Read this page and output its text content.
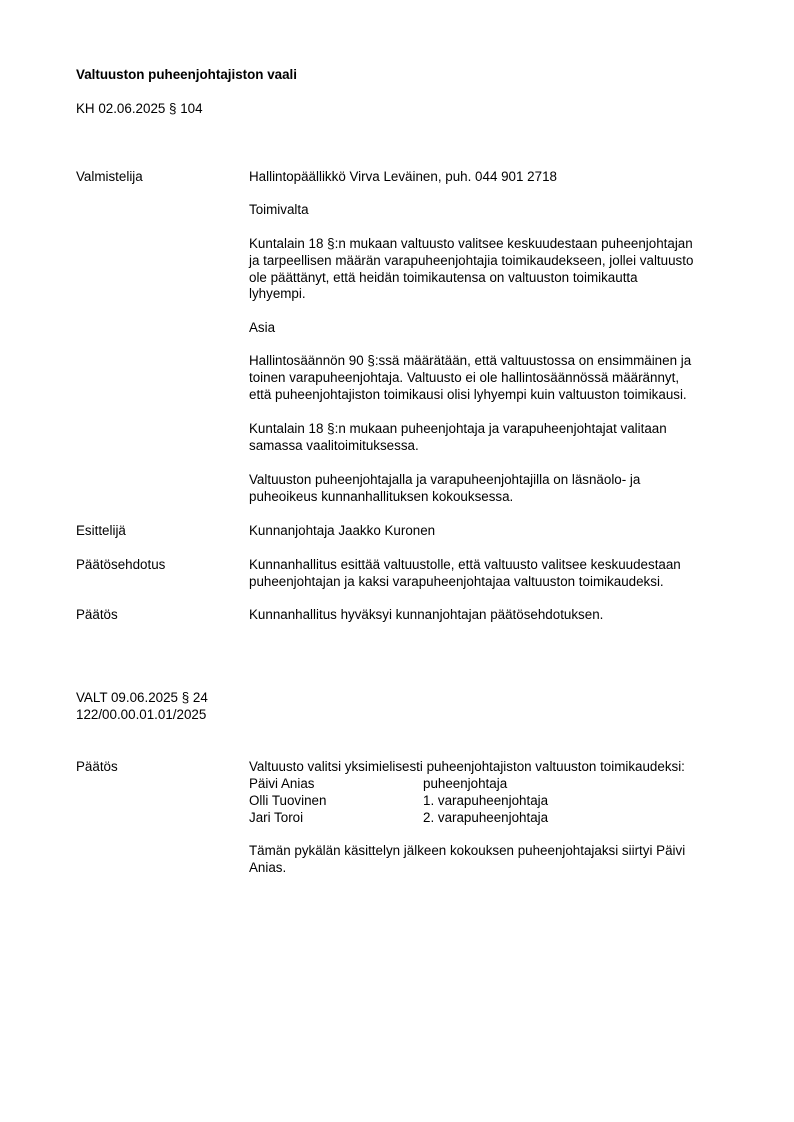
Valtuuston puheenjohtajiston vaali
KH 02.06.2025 § 104
Valmistelija	Hallintopäällikkö Virva Leväinen, puh. 044 901 2718
Toimivalta
Kuntalain 18 §:n mukaan valtuusto valitsee keskuudestaan puheenjohtajan
ja tarpeellisen määrän varapuheenjohtajia toimikaudekseen, jollei valtuusto
ole päättänyt, että heidän toimikautensa on valtuuston toimikautta
lyhyempi.
Asia
Hallintosäännön 90 §:ssä määrätään, että valtuustossa on ensimmäinen ja
toinen varapuheenjohtaja. Valtuusto ei ole hallintosäännössä määrännyt,
että puheenjohtajiston toimikausi olisi lyhyempi kuin valtuuston toimikausi.
Kuntalain 18 §:n mukaan puheenjohtaja ja varapuheenjohtajat valitaan
samassa vaalitoimituksessa.
Valtuuston puheenjohtajalla ja varapuheenjohtajilla on läsnäolo- ja
puheoikeus kunnanhallituksen kokouksessa.
Esittelijä	Kunnanjohtaja Jaakko Kuronen
Päätösehdotus	Kunnanhallitus esittää valtuustolle, että valtuusto valitsee keskuudestaan
puheenjohtajan ja kaksi varapuheenjohtajaa valtuuston toimikaudeksi.
Päätös	Kunnanhallitus hyväksyi kunnanjohtajan päätösehdotuksen.
VALT 09.06.2025 § 24
122/00.00.01.01/2025
Päätös	Valtuusto valitsi yksimielisesti puheenjohtajiston valtuuston toimikaudeksi:
Päivi Anias	puheenjohtaja
Olli Tuovinen	1. varapuheenjohtaja
Jari Toroi	2. varapuheenjohtaja
Tämän pykälän käsittelyn jälkeen kokouksen puheenjohtajaksi siirtyi Päivi
Anias.
